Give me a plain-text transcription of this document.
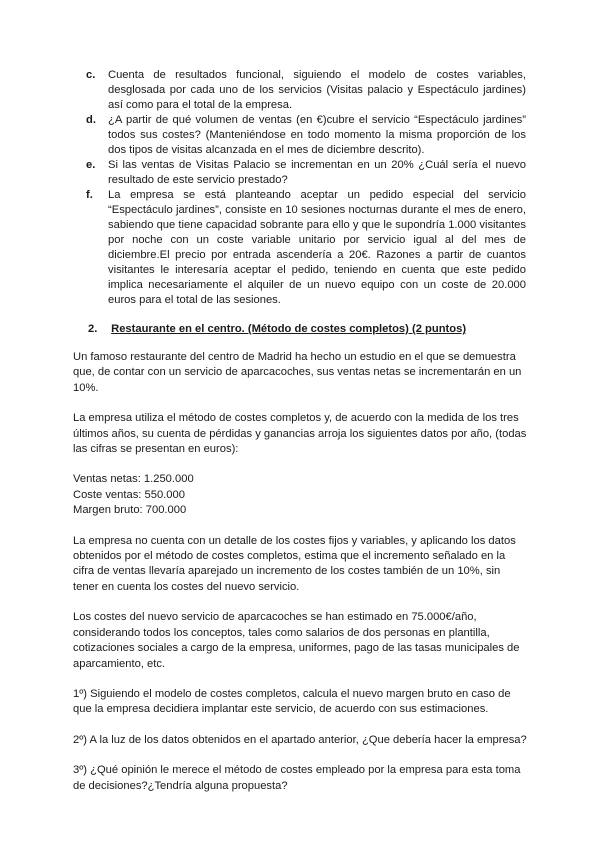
c. Cuenta de resultados funcional, siguiendo el modelo de costes variables, desglosada por cada uno de los servicios (Visitas palacio y Espectáculo jardines) así como para el total de la empresa.
d. ¿A partir de qué volumen de ventas (en €)cubre el servicio “Espectáculo jardines” todos sus costes? (Manteniéndose en todo momento la misma proporción de los dos tipos de visitas alcanzada en el mes de diciembre descrito).
e. Si las ventas de Visitas Palacio se incrementan en un 20% ¿Cuál sería el nuevo resultado de este servicio prestado?
f. La empresa se está planteando aceptar un pedido especial del servicio “Espectáculo jardines”, consiste en 10 sesiones nocturnas durante el mes de enero, sabiendo que tiene capacidad sobrante para ello y que le supondría 1.000 visitantes por noche con un coste variable unitario por servicio igual al del mes de diciembre.El precio por entrada ascendería a 20€. Razones a partir de cuantos visitantes le interesaría aceptar el pedido, teniendo en cuenta que este pedido implica necesariamente el alquiler de un nuevo equipo con un coste de 20.000 euros para el total de las sesiones.
2. Restaurante en el centro. (Método de costes completos) (2 puntos)

Un famoso restaurante del centro de Madrid ha hecho un estudio en el que se demuestra que, de contar con un servicio de aparcacoches, sus ventas netas se incrementarán en un 10%.

La empresa utiliza el método de costes completos y, de acuerdo con la medida de los tres últimos años, su cuenta de pérdidas y ganancias arroja los siguientes datos por año, (todas las cifras se presentan en euros):

Ventas netas: 1.250.000
Coste ventas: 550.000
Margen bruto: 700.000

La empresa no cuenta con un detalle de los costes fijos y variables, y aplicando los datos obtenidos por el método de costes completos, estima que el incremento señalado en la cifra de ventas llevaría aparejado un incremento de los costes también de un 10%, sin tener en cuenta los costes del nuevo servicio.

Los costes del nuevo servicio de aparcacoches se han estimado en 75.000€/año, considerando todos los conceptos, tales como salarios de dos personas en plantilla, cotizaciones sociales a cargo de la empresa, uniformes, pago de las tasas municipales de aparcamiento, etc.

1º) Siguiendo el modelo de costes completos, calcula el nuevo margen bruto en caso de que la empresa decidiera implantar este servicio, de acuerdo con sus estimaciones.

2º) A la luz de los datos obtenidos en el apartado anterior, ¿Que debería hacer la empresa?

3º) ¿Qué opinión le merece el método de costes empleado por la empresa para esta toma de decisiones?¿Tendría alguna propuesta?
